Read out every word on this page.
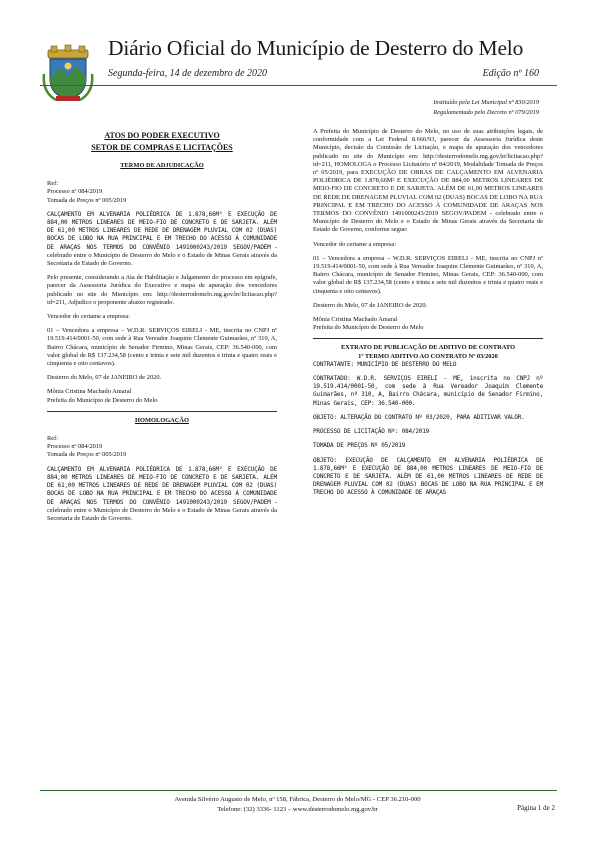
Diário Oficial do Município de Desterro do Melo
Segunda-feira, 14 de dezembro de 2020	Edição nº 160
Instituído pela Lei Municipal nº 830/2019
Regulamentado pelo Decreto nº 079/2019
ATOS DO PODER EXECUTIVO
SETOR DE COMPRAS E LICITAÇÕES
TERMO DE ADJUDICAÇÃO

Ref:

Processo nº 084/2019

Tomada de Preços nº 005/2019

CALÇAMENTO EM ALVENARIA POLIÉDRICA DE 1.878,66M² E EXECUÇÃO DE 884,00 METROS LINEARES DE MEIO-FIO DE CONCRETO E DE SARJETA. ALÉM DE 61,00 METROS LINEARES DE REDE DE DRENAGEM PLUVIAL COM 02 (DUAS) BOCAS DE LOBO NA RUA PRINCIPAL E EM TRECHO DO ACESSO À COMUNIDADE DE ARAÇAS NOS TERMOS DO CONVÊNIO 1491000243/2019 SEGOV/PADEM - celebrado entre o Município de Desterro do Melo e o Estado de Minas Gerais através da Secretaria de Estado de Governo.

Pelo presente, considerando a Ata de Habilitação e Julgamento do processo em epígrafe, parecer da Assessoria Jurídica do Executivo e mapa de apuração dos vencedores publicado no site do Município em: http://desterrodomelo.mg.gov.br/licitacao.php?id=211, Adjudico o proponente abaixo registrado.

Vencedor do certame a empresa:

01 – Vencedora a empresa – W.D.R. SERVIÇOS EIRELI - ME, inscrita no CNPJ nº 19.519.414/0001-50, com sede à Rua Vereador Joaquim Clemente Guimarães, nº 310, A, Bairro Chácara, município de Senador Firmino, Minas Gerais, CEP: 36.540-000, com valor global de R$ 137.234,58 (cento e trinta e sete mil duzentos e trinta e quatro reais e cinquenta e oito centavos).

Desterro do Melo, 07 de JANEIRO de 2020.

Mônia Cristina Machado Amaral

Prefeita do Município de Desterro do Melo

HOMOLOGAÇÃO

Ref:

Processo nº 084/2019

Tomada de Preços nº 005/2019

CALÇAMENTO EM ALVENARIA POLIÉDRICA DE 1.878,66M² E EXECUÇÃO DE 884,00 METROS LINEARES DE MEIO-FIO DE CONCRETO E DE SARJETA. ALÉM DE 61,00 METROS LINEARES DE REDE DE DRENAGEM PLUVIAL COM 02 (DUAS) BOCAS DE LOBO NA RUA PRINCIPAL E EM TRECHO DO ACESSO À COMUNIDADE DE ARAÇAS NOS TERMOS DO CONVÊNIO 1491000243/2019 SEGOV/PADEM - celebrado entre o Município de Desterro do Melo e o Estado de Minas Gerais através da Secretaria de Estado de Governo.

A Prefeita do Município de Desterro do Melo, no uso de suas atribuições legais, de conformidade com a Lei Federal 8.666/93, parecer da Assessoria Jurídica deste Município, decisão da Comissão de Licitação, e mapa de apuração dos vencedores publicado no site do Município em: http://desterrodomelo.mg.gov.br/licitacao.php?id=211, HOMOLOGA o Processo Licitatório nº 84/2019, Modalidade Tomada de Preços nº 05/2019, para EXECUÇÃO DE OBRAS DE CALÇAMENTO EM ALVENARIA POLIÉDRICA DE 1.878,66M² E EXECUÇÃO DE 884,00 METROS LINEARES DE MEIO-FIO DE CONCRETO E DE SARJETA. ALÉM DE 61,00 METROS LINEARES DE REDE DE DRENAGEM PLUVIAL COM 02 (DUAS) BOCAS DE LOBO NA RUA PRINCIPAL E EM TRECHO DO ACESSO À COMUNIDADE DE ARAÇAS NOS TERMOS DO CONVÊNIO 1491000243/2019 SEGOV/PADEM - celebrado entre o Município de Desterro do Melo e o Estado de Minas Gerais através da Secretaria de Estado de Governo, conforme segue:

Vencedor do certame a empresa:

01 – Vencedora a empresa – W.D.R. SERVIÇOS EIRELI - ME, inscrita no CNPJ nº 19.519.414/0001-50, com sede à Rua Vereador Joaquim Clemente Guimarães, nº 310, A, Bairro Chácara, município de Senador Firmino, Minas Gerais, CEP: 36.540-000, com valor global de R$ 137.234,58 (cento e trinta e sete mil duzentos e trinta e quatro reais e cinquenta e oito centavos).

Desterro do Melo, 07 de JANEIRO de 2020.

Mônia Cristina Machado Amaral

Prefeita do Município de Desterro do Melo

EXTRATO DE PUBLICAÇÃO DE ADITIVO DE CONTRATO

1º TERMO ADITIVO AO CONTRATO Nº 03/2020

CONTRATANTE: MUNICÍPIO DE DESTERRO DO MELO

CONTRATADO: W.D.R. SERVIÇOS EIRELI - ME, inscrita no CNPJ nº 19.519.414/0001-50, com sede à Rua Vereador Joaquim Clemente Guimarães, nº 310, A, Bairro Chácara, município de Senador Firmino, Minas Gerais, CEP: 36.540-000.

OBJETO: ALTERAÇÃO DO CONTRATO Nº 03/2020, PARA ADITIVAR VALOR.

PROCESSO DE LICITAÇÃO Nº: 084/2019

TOMADA DE PREÇOS Nº 05/2019

OBJETO: EXECUÇÃO DE CALÇAMENTO EM ALVENARIA POLIÉDRICA DE 1.878,66M² E EXECUÇÃO DE 884,00 METROS LINEARES DE MEIO-FIO DE CONCRETO E DE SARJETA. ALÉM DE 61,00 METROS LINEARES DE REDE DE DRENAGEM PLUVIAL COM 02 (DUAS) BOCAS DE LOBO NA RUA PRINCIPAL E EM TRECHO DO ACESSO À COMUNIDADE DE ARAÇAS

Avenida Silvério Augusto de Melo, nº 158, Fábrica, Desterro do Melo/MG - CEP 36.210-000
Telefone: (32) 3336- 1123 – www.desterrodomelo.mg.gov.br	Página 1 de 2
